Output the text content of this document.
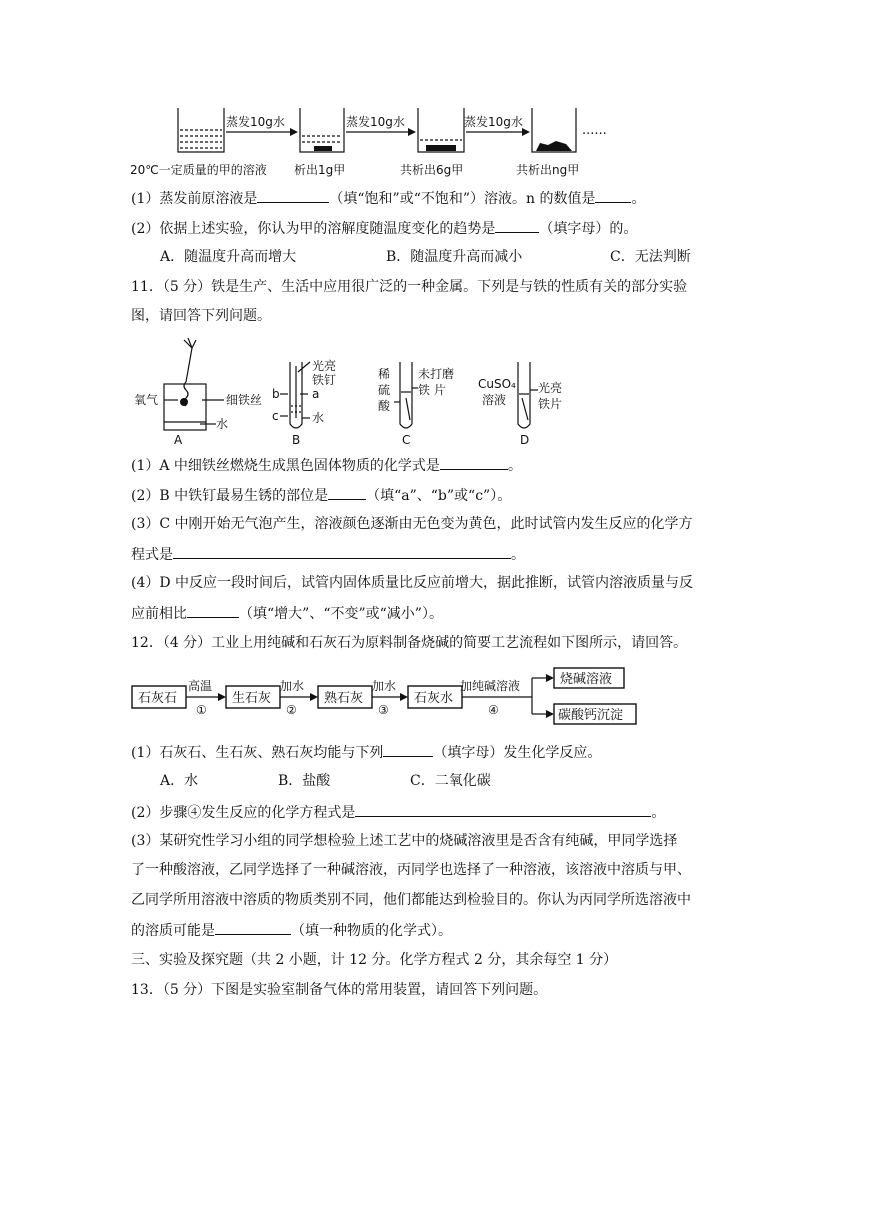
蒸发10g水	蒸发10g水	蒸发10g水
......
20℃一定质量的甲的溶液 析出1g甲	共析出6g甲	共析出ng甲
(1）蒸发前原溶液是	（填“饱和”或“不饱和”）溶液。n 的数值是	。
(2）依据上述实验，你认为甲的溶解度随温度变化的趋势是	（填字母）的。
A．随温度升高而增大	B．随温度升高而减小	C．无法判断
11．（5 分）铁是生产、生活中应用很广泛的一种金属。下列是与铁的性质有关的部分实验
图，请回答下列问题。
氧气	细铁丝
水
A
光亮
铁钉
b	a
c	水
B
稀
硫
酸
未打磨
铁 片
C
CuSO₄
溶液
光亮
铁片
D
(1）A 中细铁丝燃烧生成黑色固体物质的化学式是	。
(2）B 中铁钉最易生锈的部位是	（填“a”、“b”或“c”）。
(3）C 中刚开始无气泡产生，溶液颜色逐渐由无色变为黄色，此时试管内发生反应的化学方
程式是	。
(4）D 中反应一段时间后，试管内固体质量比反应前增大，据此推断，试管内溶液质量与反
应前相比	（填“增大”、“不变”或“减小”）。
12．（4 分）工业上用纯碱和石灰石为原料制备烧碱的简要工艺流程如下图所示，请回答。
石灰石
高温
①
生石灰
加水
②
熟石灰
加水
③
石灰水
加纯碱溶液
④
烧碱溶液
碳酸钙沉淀
(1）石灰石、生石灰、熟石灰均能与下列	（填字母）发生化学反应。
A．水	B．盐酸	C．二氧化碳
(2）步骤④发生反应的化学方程式是	。
(3）某研究性学习小组的同学想检验上述工艺中的烧碱溶液里是否含有纯碱，甲同学选择
了一种酸溶液，乙同学选择了一种碱溶液，丙同学也选择了一种溶液，该溶液中溶质与甲、
乙同学所用溶液中溶质的物质类别不同，他们都能达到检验目的。你认为丙同学所选溶液中
的溶质可能是	（填一种物质的化学式）。
三、实验及探究题（共 2 小题，计 12 分。化学方程式 2 分，其余每空 1 分）
13．（5 分）下图是实验室制备气体的常用装置，请回答下列问题。
